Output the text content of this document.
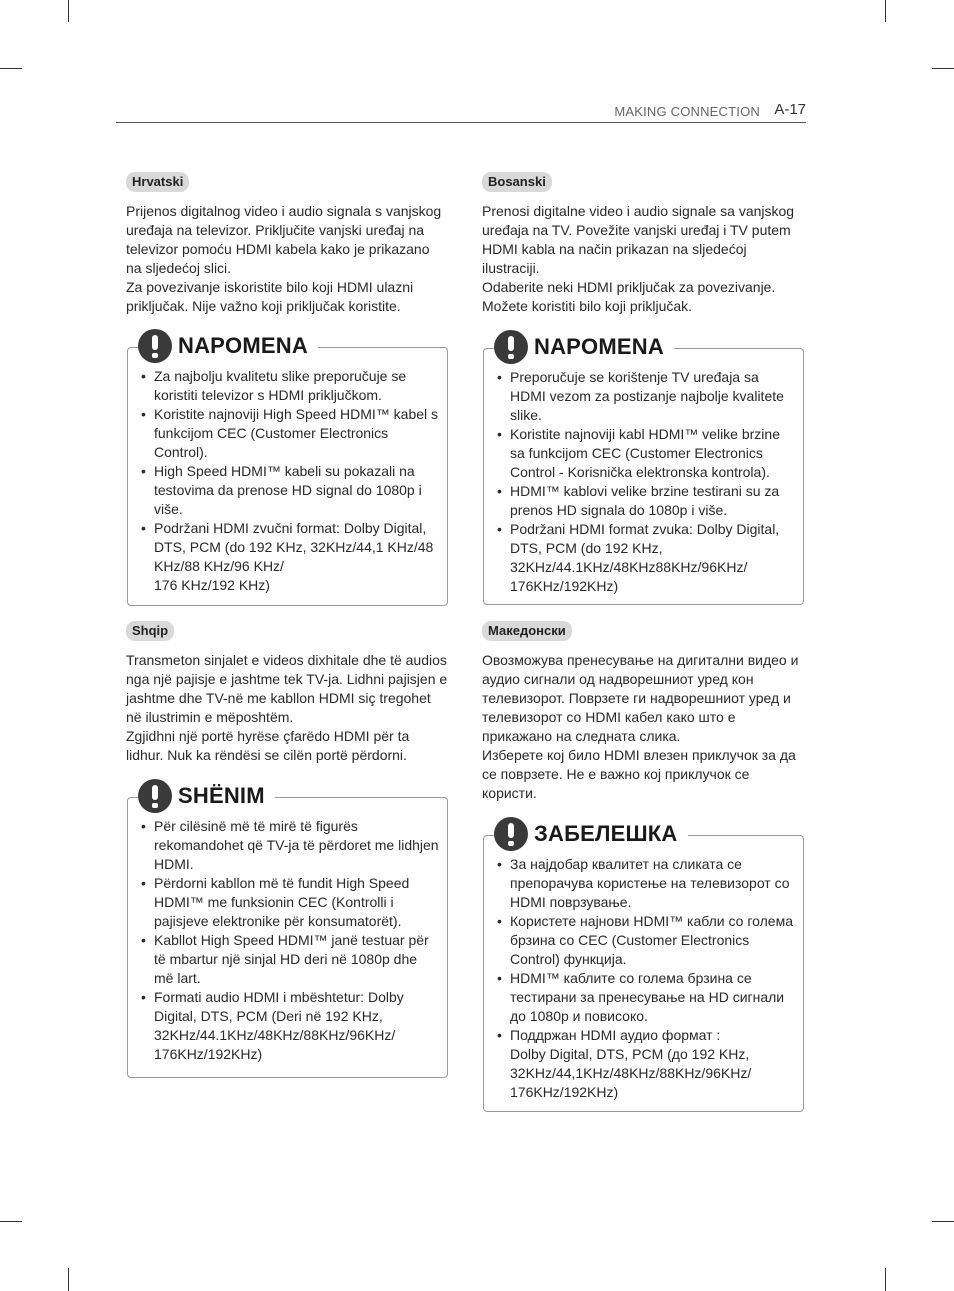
MAKING CONNECTION A-17
Hrvatski

Prijenos digitalnog video i audio signala s vanjskog uređaja na televizor. Priključite vanjski uređaj na televizor pomoću HDMI kabela kako je prikazano na sljedećoj slici.
Za povezivanje iskoristite bilo koji HDMI ulazni priključak. Nije važno koji priključak koristite.

NAPOMENA
• Za najbolju kvalitetu slike preporučuje se koristiti televizor s HDMI priključkom.
• Koristite najnoviji High Speed HDMI™ kabel s funkcijom CEC (Customer Electronics Control).
• High Speed HDMI™ kabeli su pokazali na testovima da prenose HD signal do 1080p i više.
• Podržani HDMI zvučni format: Dolby Digital, DTS, PCM (do 192 KHz, 32KHz/44,1 KHz/48 KHz/88 KHz/96 KHz/
176 KHz/192 KHz)
Bosanski

Prenosi digitalne video i audio signale sa vanjskog uređaja na TV. Povežite vanjski uređaj i TV putem HDMI kabla na način prikazan na sljedećoj ilustraciji.
Odaberite neki HDMI priključak za povezivanje. Možete koristiti bilo koji priključak.

NAPOMENA
• Preporučuje se korištenje TV uređaja sa HDMI vezom za postizanje najbolje kvalitete slike.
• Koristite najnoviji kabl HDMI™ velike brzine sa funkcijom CEC (Customer Electronics Control - Korisnička elektronska kontrola).
• HDMI™ kablovi velike brzine testirani su za prenos HD signala do 1080p i više.
• Podržani HDMI format zvuka: Dolby Digital, DTS, PCM (do 192 KHz, 32KHz/44.1KHz/48KHz88KHz/96KHz/
176KHz/192KHz)
Shqip

Transmeton sinjalet e videos dixhitale dhe të audios nga një pajisje e jashtme tek TV-ja. Lidhni pajisjen e jashtme dhe TV-në me kabllon HDMI siç tregohet në ilustrimin e mëposhtëm.
Zgjidhni një portë hyrëse çfarëdo HDMI për ta lidhur. Nuk ka rëndësi se cilën portë përdorni.

SHËNIM
• Për cilësinë më të mirë të figurës rekomandohet që TV-ja të përdoret me lidhjen HDMI.
• Përdorni kabllon më të fundit High Speed HDMI™ me funksionin CEC (Kontrolli i pajisjeve elektronike për konsumatorët).
• Kabllot High Speed HDMI™ janë testuar për të mbartur një sinjal HD deri në 1080p dhe më lart.
• Formati audio HDMI i mbështetur: Dolby Digital, DTS, PCM (Deri në 192 KHz, 32KHz/44.1KHz/48KHz/88KHz/96KHz/
176KHz/192KHz)
Македонски

Овозможува пренесување на дигитални видео и аудио сигнали од надворешниот уред кон телевизорот. Поврзете ги надворешниот уред и телевизорот со HDMI кабел како што е прикажано на следната слика.
Изберете кој било HDMI влезен приклучок за да се поврзете. Не е важно кој приклучок се користи.

ЗАБЕЛЕШКА
• За најдобар квалитет на сликата се препорачува користење на телевизорот со HDMI поврзување.
• Користете најнови HDMI™ кабли со голема брзина со CEC (Customer Electronics Control) функција.
• HDMI™ каблите со голема брзина се тестирани за пренесување на HD сигнали до 1080p и повисоко.
• Поддржан HDMI аудио формат :
Dolby Digital, DTS, PCM (до 192 KHz, 32KHz/44,1KHz/48KHz/88KHz/96KHz/
176KHz/192KHz)
